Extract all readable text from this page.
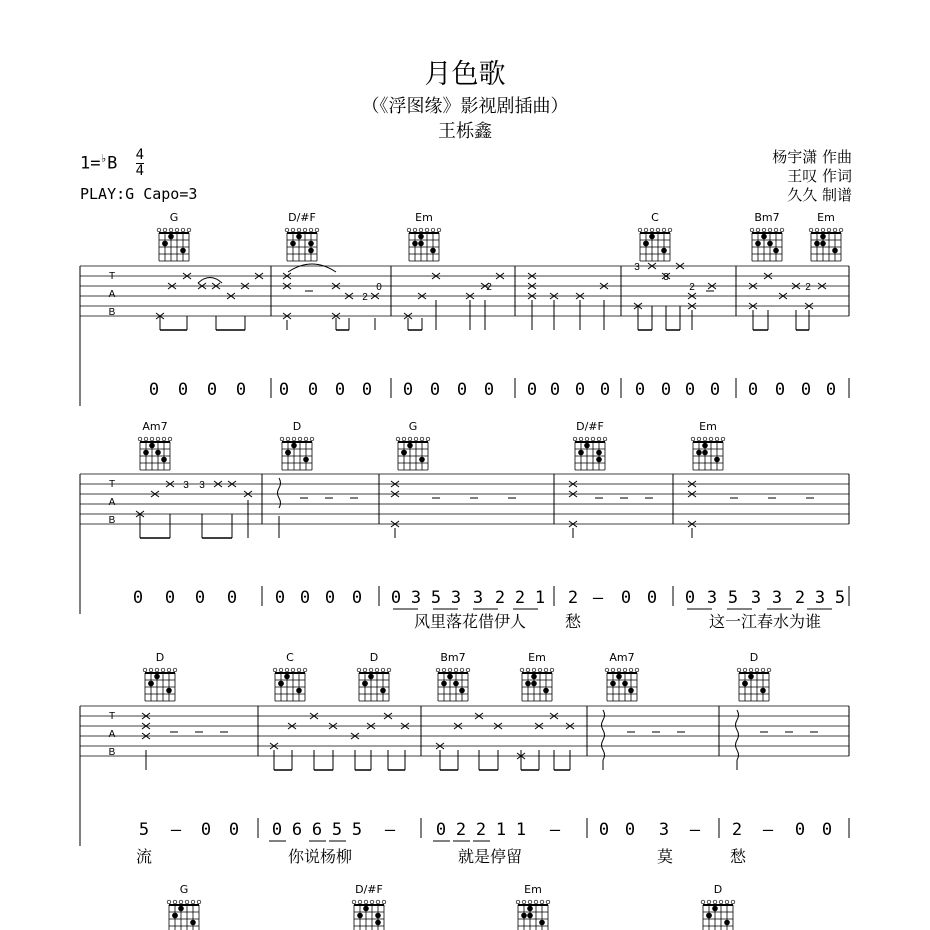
月色歌
（《浮图缘》影视剧插曲）
王栎鑫
$1=^♭B \frac{4}{4}$
PLAY:G Capo=3
杨宇潇 作曲
王叹 作词
久久 制谱
G	D/#F	Em	C	Bm7	Em
T
A
B
2
0	2
3
3
2	2
0 0 0 0 0 0 0 0 0 0 0 0 0 0 0 0 0 0 0 0 0 0 0 0
Am7	D	G	D/#F	Em
T
A
B
3 3
0 0 0 0 0 0 0 0 0 3 5 3 3 2 2 1 2 — 0 0 0 3 5 3 3 2 3 5
风里落花借伊人 愁	这一江春水为谁
D	C	D	Bm7	Em	Am7	D
T
A
B
5 — 0 0 0 6 6 5 5 — 0 2 2 1 1 — 0 0 3 — 2 — 0 0
流	你说杨柳	就是停留	莫	愁
G	D/#F	Em	D
